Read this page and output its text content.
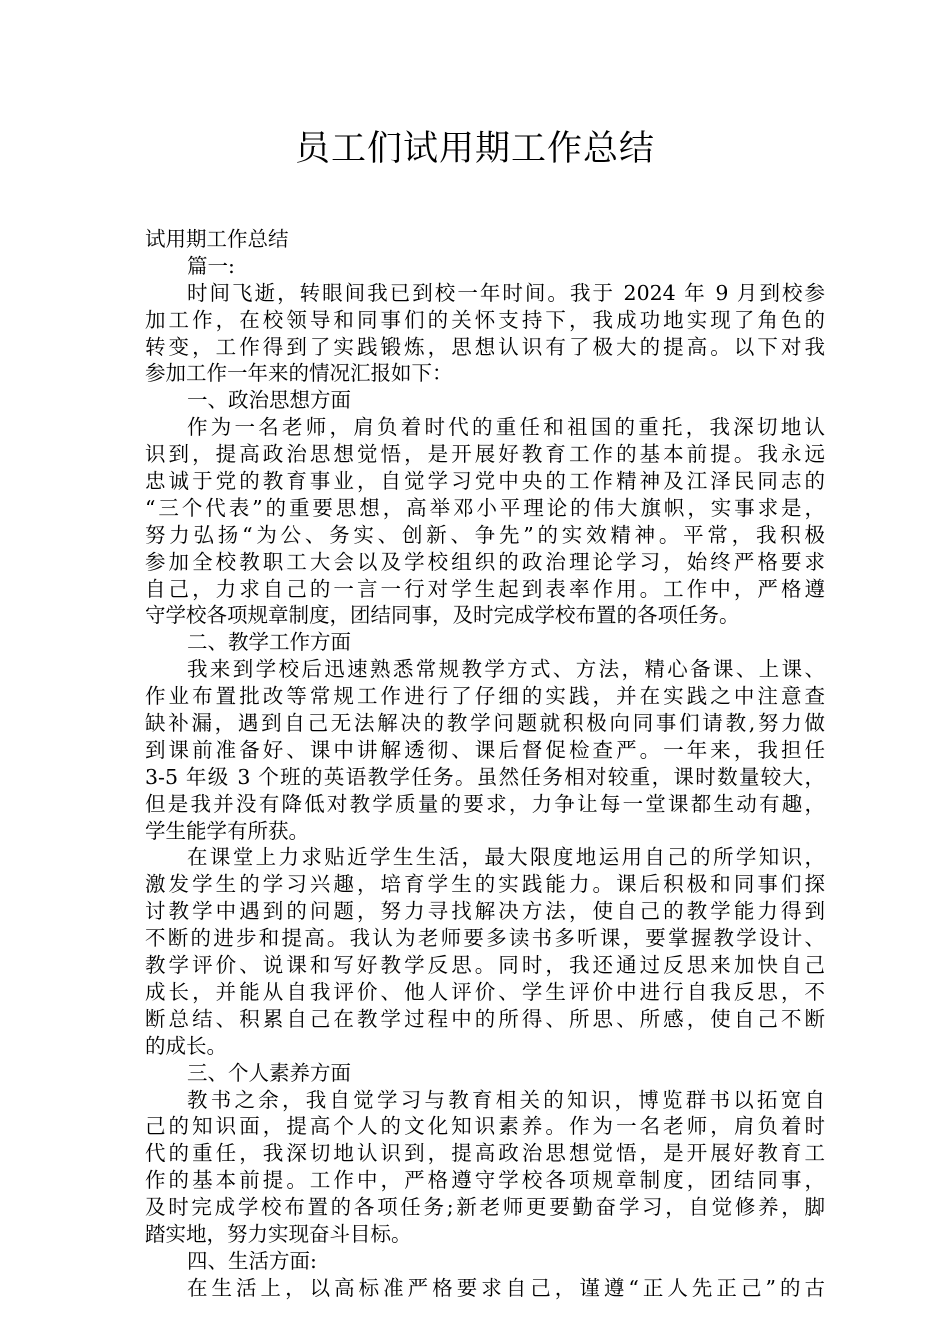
员工们试用期工作总结
试用期工作总结
篇一:
时间飞逝，转眼间我已到校一年时间。我于 2024 年 9 月到校参
加工作，在校领导和同事们的关怀支持下，我成功地实现了角色的
转变，工作得到了实践锻炼，思想认识有了极大的提高。以下对我
参加工作一年来的情况汇报如下：
一、政治思想方面
作为一名老师，肩负着时代的重任和祖国的重托，我深切地认
识到，提高政治思想觉悟，是开展好教育工作的基本前提。我永远
忠诚于党的教育事业，自觉学习党中央的工作精神及江泽民同志的
“三个代表”的重要思想，高举邓小平理论的伟大旗帜，实事求是，
努力弘扬“为公、务实、创新、争先”的实效精神。平常，我积极
参加全校教职工大会以及学校组织的政治理论学习，始终严格要求
自己，力求自己的一言一行对学生起到表率作用。工作中，严格遵
守学校各项规章制度，团结同事，及时完成学校布置的各项任务。
二、教学工作方面
我来到学校后迅速熟悉常规教学方式、方法，精心备课、上课、
作业布置批改等常规工作进行了仔细的实践，并在实践之中注意查
缺补漏，遇到自己无法解决的教学问题就积极向同事们请教,努力做
到课前准备好、课中讲解透彻、课后督促检查严。一年来，我担任
3-5 年级 3 个班的英语教学任务。虽然任务相对较重，课时数量较大，
但是我并没有降低对教学质量的要求，力争让每一堂课都生动有趣，
学生能学有所获。
在课堂上力求贴近学生生活，最大限度地运用自己的所学知识，
激发学生的学习兴趣，培育学生的实践能力。课后积极和同事们探
讨教学中遇到的问题，努力寻找解决方法，使自己的教学能力得到
不断的进步和提高。我认为老师要多读书多听课，要掌握教学设计、
教学评价、说课和写好教学反思。同时，我还通过反思来加快自己
成长，并能从自我评价、他人评价、学生评价中进行自我反思，不
断总结、积累自己在教学过程中的所得、所思、所感，使自己不断
的成长。
三、个人素养方面
教书之余，我自觉学习与教育相关的知识，博览群书以拓宽自
己的知识面，提高个人的文化知识素养。作为一名老师，肩负着时
代的重任，我深切地认识到，提高政治思想觉悟，是开展好教育工
作的基本前提。工作中，严格遵守学校各项规章制度，团结同事，
及时完成学校布置的各项任务;新老师更要勤奋学习，自觉修养，脚
踏实地，努力实现奋斗目标。
四、生活方面:
在生活上，以高标准严格要求自己，谨遵“正人先正己”的古
